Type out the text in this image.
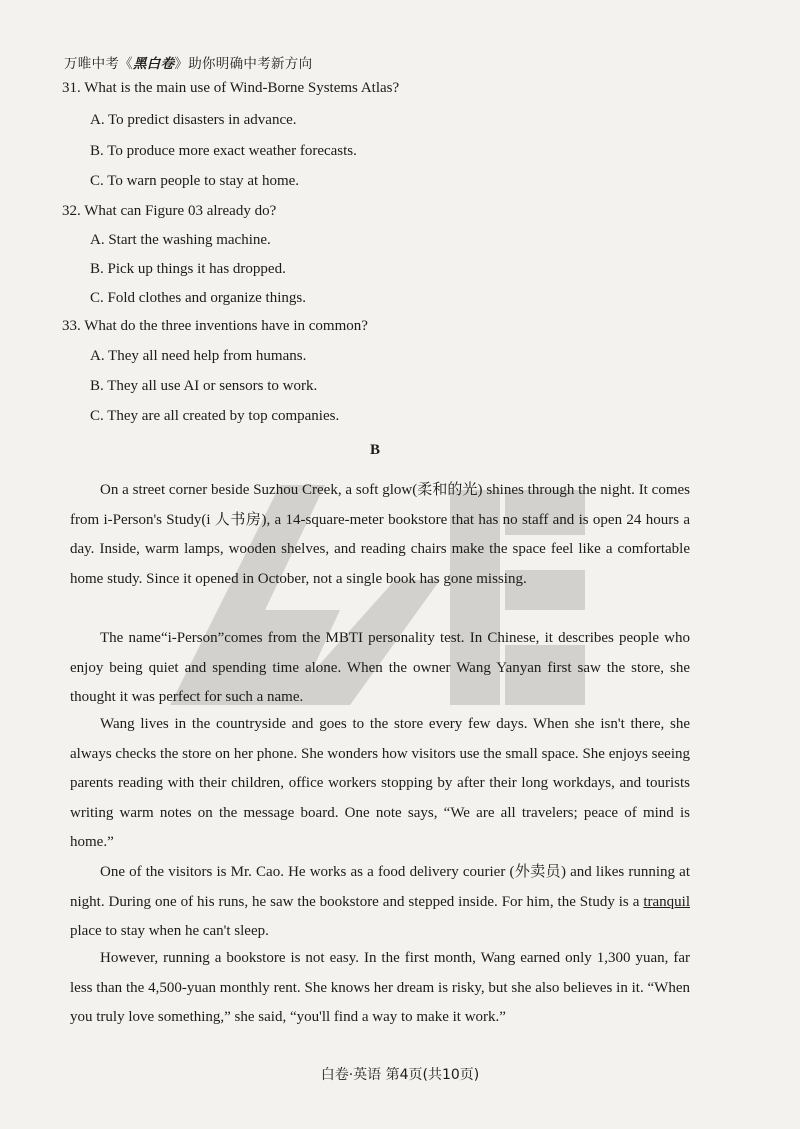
万唯中考《黑白卷》助你明确中考新方向
31. What is the main use of Wind-Borne Systems Atlas?
A. To predict disasters in advance.
B. To produce more exact weather forecasts.
C. To warn people to stay at home.
32. What can Figure 03 already do?
A. Start the washing machine.
B. Pick up things it has dropped.
C. Fold clothes and organize things.
33. What do the three inventions have in common?
A. They all need help from humans.
B. They all use AI or sensors to work.
C. They are all created by top companies.
B
On a street corner beside Suzhou Creek, a soft glow(柔和的光) shines through the night. It comes from i-Person's Study(i 人书房), a 14-square-meter bookstore that has no staff and is open 24 hours a day. Inside, warm lamps, wooden shelves, and reading chairs make the space feel like a comfortable home study. Since it opened in October, not a single book has gone missing.
The name“i-Person”comes from the MBTI personality test. In Chinese, it describes people who enjoy being quiet and spending time alone. When the owner Wang Yanyan first saw the store, she thought it was perfect for such a name.
Wang lives in the countryside and goes to the store every few days. When she isn't there, she always checks the store on her phone. She wonders how visitors use the small space. She enjoys seeing parents reading with their children, office workers stopping by after their long workdays, and tourists writing warm notes on the message board. One note says, “We are all travelers; peace of mind is home.”
One of the visitors is Mr. Cao. He works as a food delivery courier (外卖员) and likes running at night. During one of his runs, he saw the bookstore and stepped inside. For him, the Study is a tranquil place to stay when he can't sleep.
However, running a bookstore is not easy. In the first month, Wang earned only 1,300 yuan, far less than the 4,500-yuan monthly rent. She knows her dream is risky, but she also believes in it. “When you truly love something,” she said, “you'll find a way to make it work.”
白卷·英语 第4页(共10页)
